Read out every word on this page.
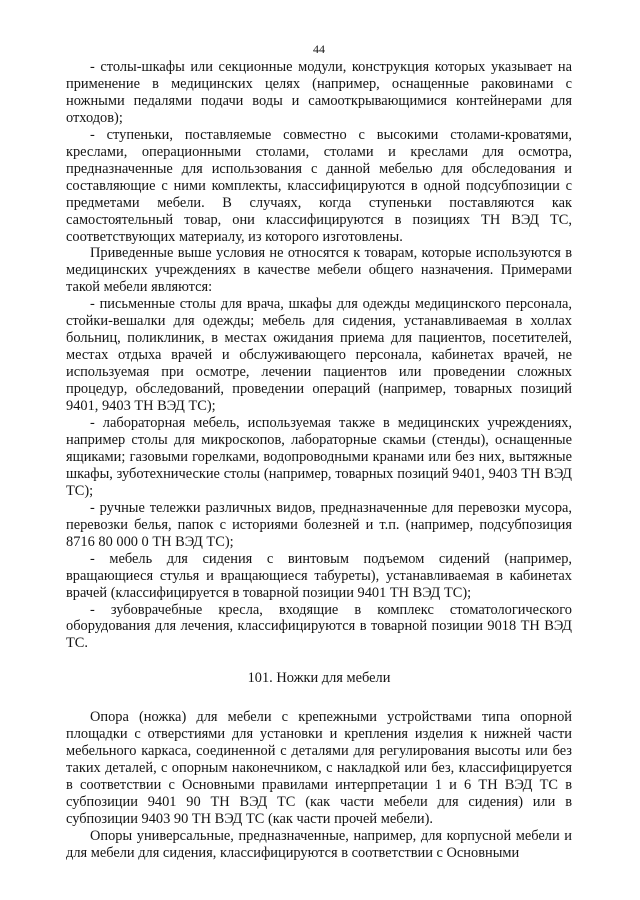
44

- столы-шкафы или секционные модули, конструкция которых указывает на применение в медицинских целях (например, оснащенные раковинами с ножными педалями подачи воды и самооткрывающимися контейнерами для отходов);

- ступеньки, поставляемые совместно с высокими столами-кроватями, креслами, операционными столами, столами и креслами для осмотра, предназначенные для использования с данной мебелью для обследования и составляющие с ними комплекты, классифицируются в одной подсубпозиции с предметами мебели. В случаях, когда ступеньки поставляются как самостоятельный товар, они классифицируются в позициях ТН ВЭД ТС, соответствующих материалу, из которого изготовлены.

Приведенные выше условия не относятся к товарам, которые используются в медицинских учреждениях в качестве мебели общего назначения. Примерами такой мебели являются:

- письменные столы для врача, шкафы для одежды медицинского персонала, стойки-вешалки для одежды; мебель для сидения, устанавливаемая в холлах больниц, поликлиник, в местах ожидания приема для пациентов, посетителей, местах отдыха врачей и обслуживающего персонала, кабинетах врачей, не используемая при осмотре, лечении пациентов или проведении сложных процедур, обследований, проведении операций (например, товарных позиций 9401, 9403 ТН ВЭД ТС);

- лабораторная мебель, используемая также в медицинских учреждениях, например столы для микроскопов, лабораторные скамьи (стенды), оснащенные ящиками; газовыми горелками, водопроводными кранами или без них, вытяжные шкафы, зуботехнические столы (например, товарных позиций 9401, 9403 ТН ВЭД ТС);

- ручные тележки различных видов, предназначенные для перевозки мусора, перевозки белья, папок с историями болезней и т.п. (например, подсубпозиция 8716 80 000 0 ТН ВЭД ТС);

- мебель для сидения с винтовым подъемом сидений (например, вращающиеся стулья и вращающиеся табуреты), устанавливаемая в кабинетах врачей (классифицируется в товарной позиции 9401 ТН ВЭД ТС);

- зубоврачебные кресла, входящие в комплекс стоматологического оборудования для лечения, классифицируются в товарной позиции 9018 ТН ВЭД ТС.

101. Ножки для мебели

Опора (ножка) для мебели с крепежными устройствами типа опорной площадки с отверстиями для установки и крепления изделия к нижней части мебельного каркаса, соединенной с деталями для регулирования высоты или без таких деталей, с опорным наконечником, с накладкой или без, классифицируется в соответствии с Основными правилами интерпретации 1 и 6 ТН ВЭД ТС в субпозиции 9401 90 ТН ВЭД ТС (как части мебели для сидения) или в субпозиции 9403 90 ТН ВЭД ТС (как части прочей мебели).

Опоры универсальные, предназначенные, например, для корпусной мебели и для мебели для сидения, классифицируются в соответствии с Основными
